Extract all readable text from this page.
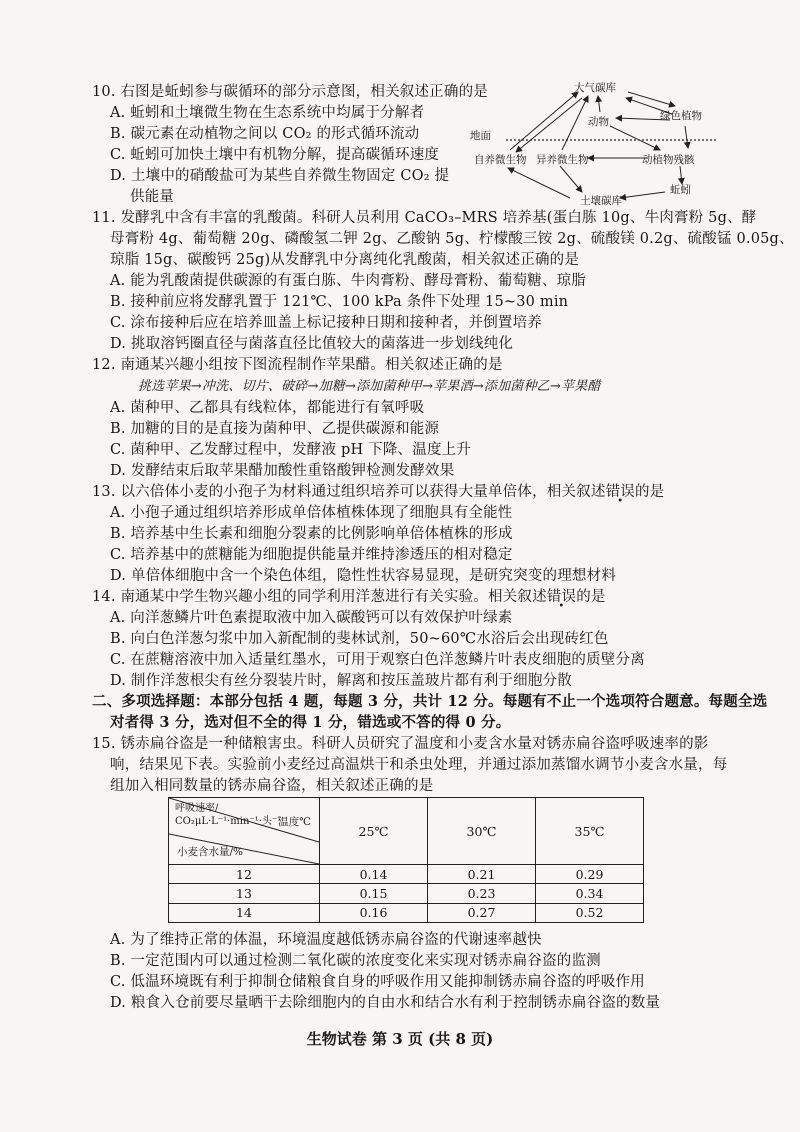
10. 右图是蚯蚓参与碳循环的部分示意图，相关叙述正确的是
A. 蚯蚓和土壤微生物在生态系统中均属于分解者
B. 碳元素在动植物之间以 CO₂ 的形式循环流动
C. 蚯蚓可加快土壤中有机物分解，提高碳循环速度
D. 土壤中的硝酸盐可为某些自养微生物固定 CO₂ 提
供能量
大气碳库
动物	绿色植物
地面
自养微生物 异养微生物	动植物残骸
蚯蚓
土壤碳库
11. 发酵乳中含有丰富的乳酸菌。科研人员利用 CaCO₃–MRS 培养基(蛋白胨 10g、牛肉膏粉 5g、酵
母膏粉 4g、葡萄糖 20g、磷酸氢二钾 2g、乙酸钠 5g、柠檬酸三铵 2g、硫酸镁 0.2g、硫酸锰 0.05g、
琼脂 15g、碳酸钙 25g)从发酵乳中分离纯化乳酸菌，相关叙述正确的是
A. 能为乳酸菌提供碳源的有蛋白胨、牛肉膏粉、酵母膏粉、葡萄糖、琼脂
B. 接种前应将发酵乳置于 121℃、100 kPa 条件下处理 15~30 min
C. 涂布接种后应在培养皿盖上标记接种日期和接种者，并倒置培养
D. 挑取溶钙圈直径与菌落直径比值较大的菌落进一步划线纯化
12. 南通某兴趣小组按下图流程制作苹果醋。相关叙述正确的是
挑选苹果→冲洗、切片、破碎→加糖→添加菌种甲→苹果酒→添加菌种乙→苹果醋
A. 菌种甲、乙都具有线粒体，都能进行有氧呼吸
B. 加糖的目的是直接为菌种甲、乙提供碳源和能源
C. 菌种甲、乙发酵过程中，发酵液 pH 下降、温度上升
D. 发酵结束后取苹果醋加酸性重铬酸钾检测发酵效果
13. 以六倍体小麦的小孢子为材料通过组织培养可以获得大量单倍体，相关叙述错误的是
A. 小孢子通过组织培养形成单倍体植株体现了细胞具有全能性
B. 培养基中生长素和细胞分裂素的比例影响单倍体植株的形成
C. 培养基中的蔗糖能为细胞提供能量并维持渗透压的相对稳定
D. 单倍体细胞中含一个染色体组，隐性性状容易显现，是研究突变的理想材料
14. 南通某中学生物兴趣小组的同学利用洋葱进行有关实验。相关叙述错误的是
A. 向洋葱鳞片叶色素提取液中加入碳酸钙可以有效保护叶绿素
B. 向白色洋葱匀浆中加入新配制的斐林试剂，50~60℃水浴后会出现砖红色
C. 在蔗糖溶液中加入适量红墨水，可用于观察白色洋葱鳞片叶表皮细胞的质壁分离
D. 制作洋葱根尖有丝分裂装片时，解离和按压盖玻片都有利于细胞分散
二、多项选择题：本部分包括 4 题，每题 3 分，共计 12 分。每题有不止一个选项符合题意。每题全选
对者得 3 分，选对但不全的得 1 分，错选或不答的得 0 分。
15. 锈赤扁谷盗是一种储粮害虫。科研人员研究了温度和小麦含水量对锈赤扁谷盗呼吸速率的影
响，结果见下表。实验前小麦经过高温烘干和杀虫处理，并通过添加蒸馏水调节小麦含水量，每
组加入相同数量的锈赤扁谷盗，相关叙述正确的是
呼吸速率/
CO₂μL·L⁻¹·min⁻¹·头⁻¹
温度℃
小麦含水量/%	25℃	30℃	35℃
12	0.14	0.21	0.29
13	0.15	0.23	0.34
14	0.16	0.27	0.52
A. 为了维持正常的体温，环境温度越低锈赤扁谷盗的代谢速率越快
B. 一定范围内可以通过检测二氧化碳的浓度变化来实现对锈赤扁谷盗的监测
C. 低温环境既有利于抑制仓储粮食自身的呼吸作用又能抑制锈赤扁谷盗的呼吸作用
D. 粮食入仓前要尽量晒干去除细胞内的自由水和结合水有利于控制锈赤扁谷盗的数量
生物试卷 第 3 页 (共 8 页)
